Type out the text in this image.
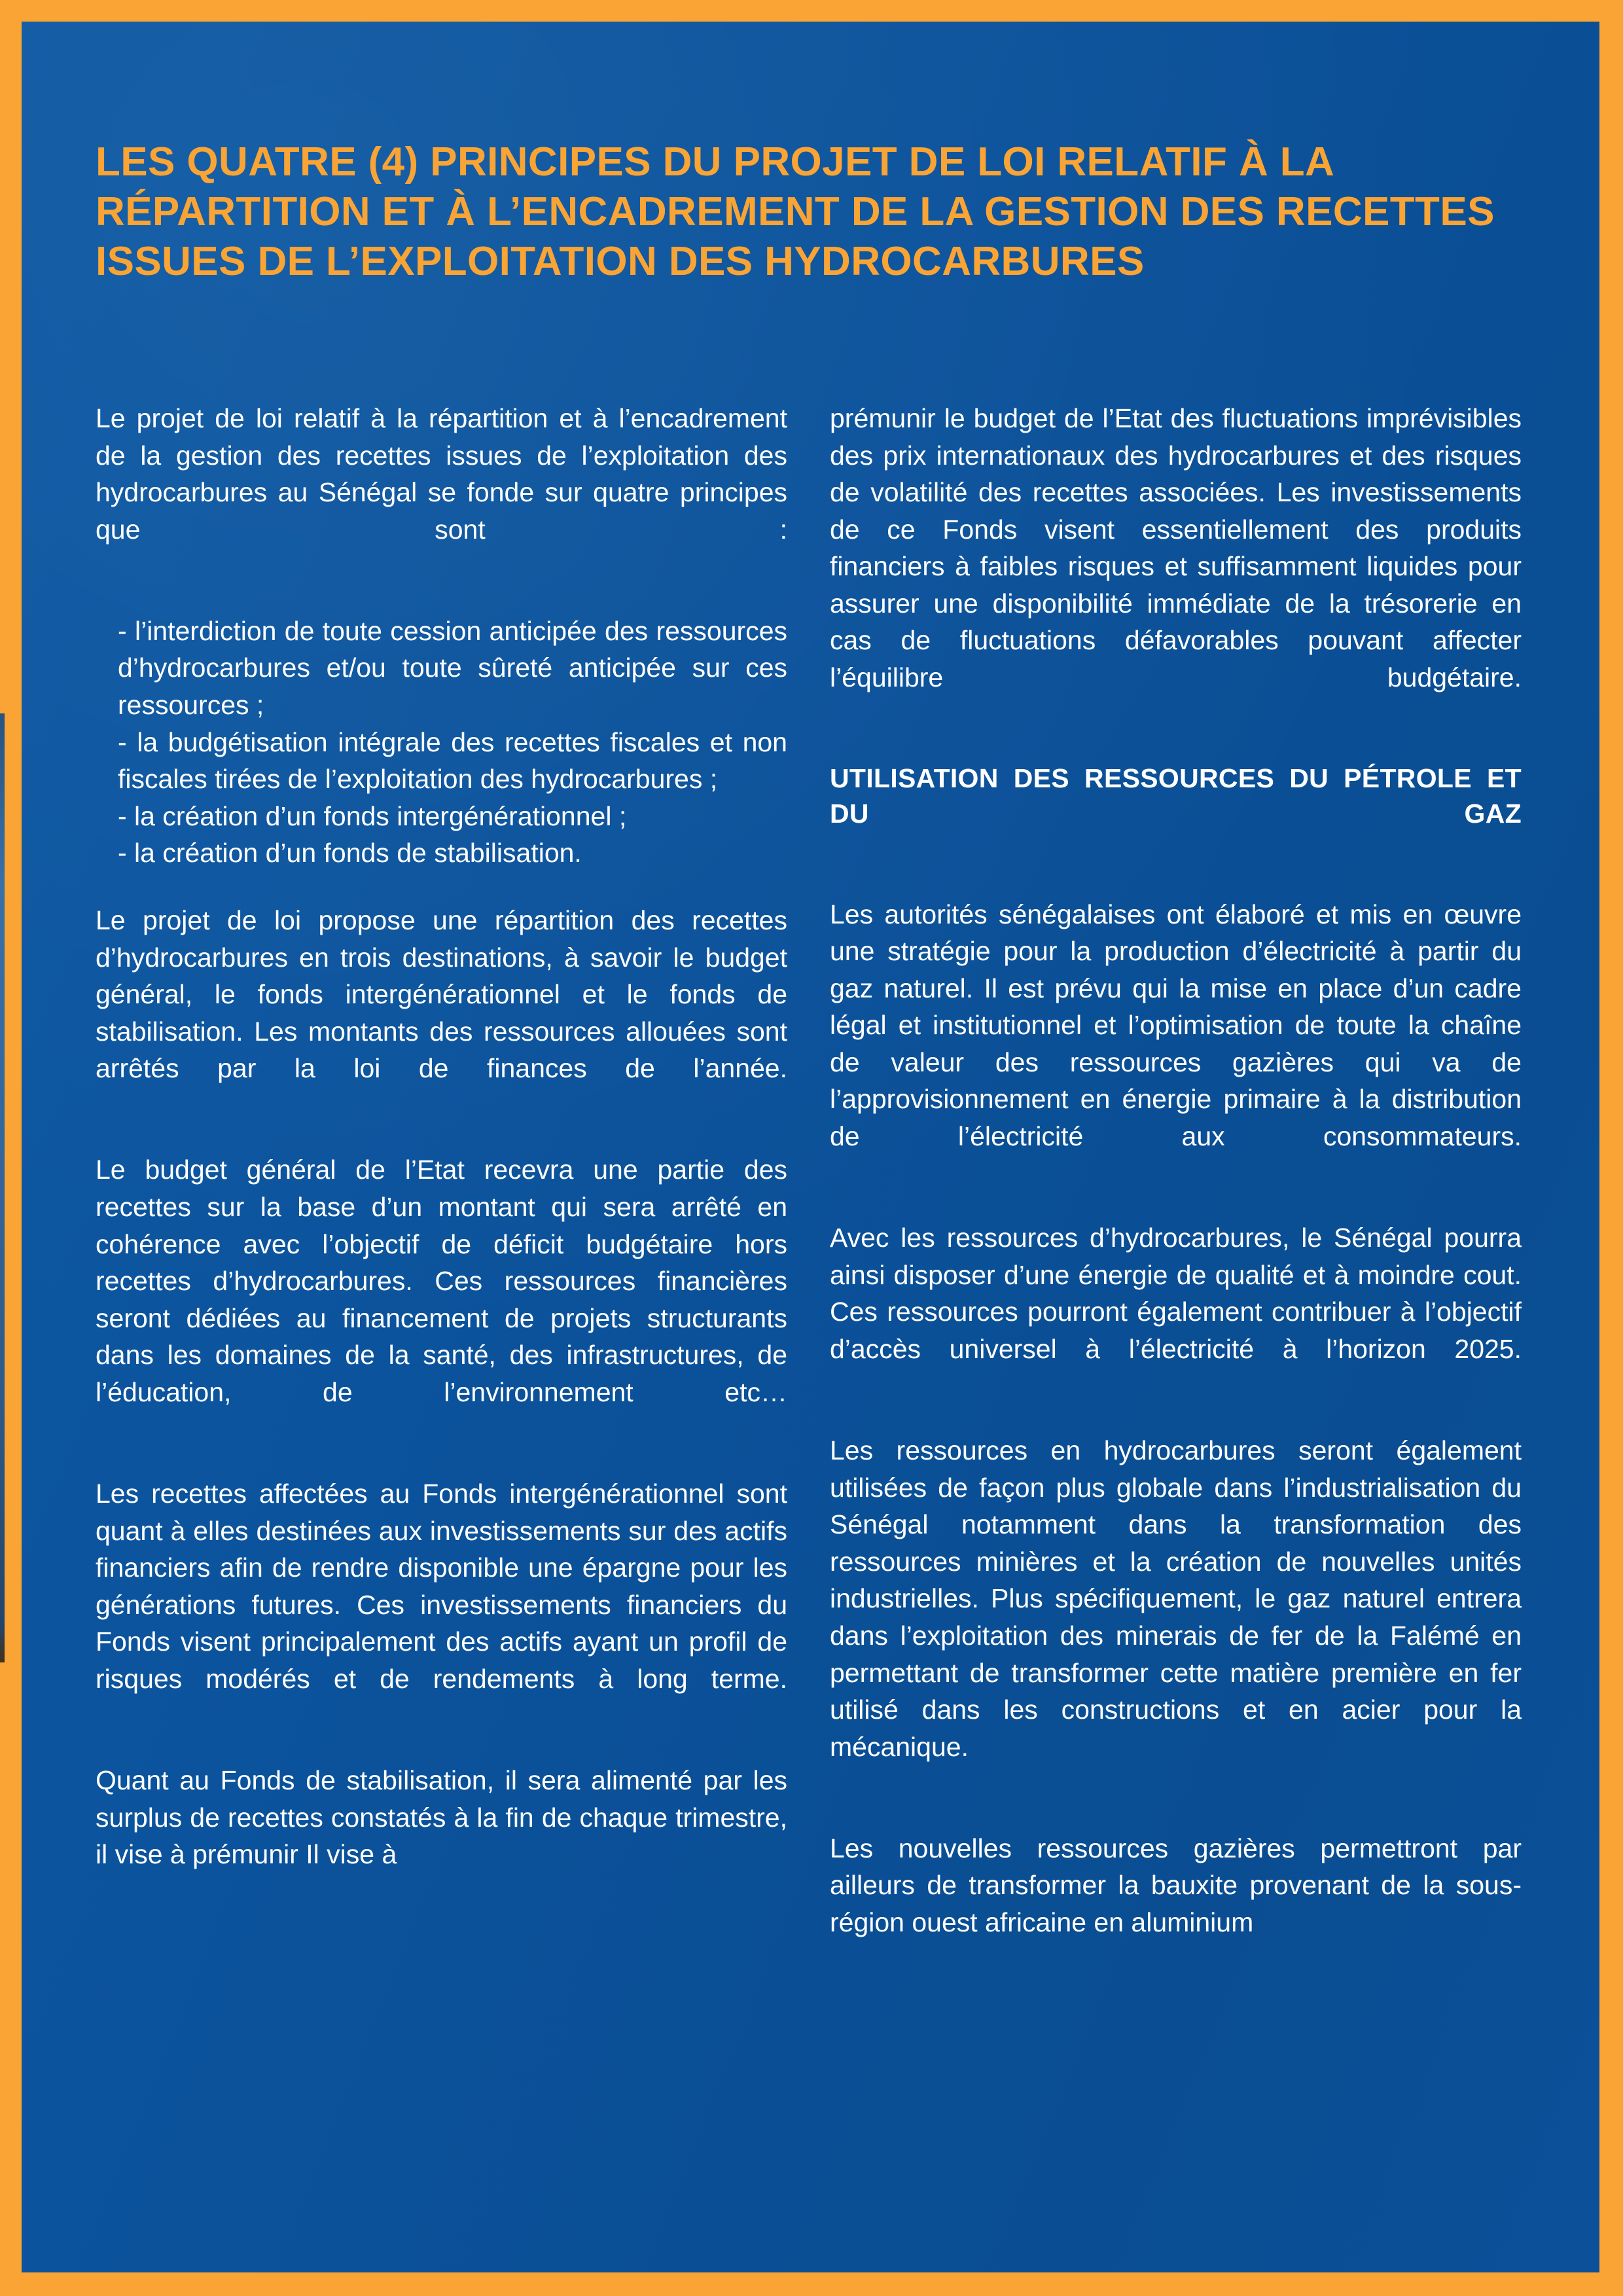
LES QUATRE (4) PRINCIPES DU PROJET DE LOI RELATIF À LA RÉPARTITION ET À L’ENCADREMENT DE LA GESTION DES RECETTES ISSUES DE L’EXPLOITATION DES HYDROCARBURES

Le projet de loi relatif à la répartition et à l’encadrement de la gestion des recettes issues de l’exploitation des hydrocarbures au Sénégal se fonde sur quatre principes que sont :

- l’interdiction de toute cession anticipée des ressources d’hydrocarbures et/ou toute sûreté anticipée sur ces ressources ;
- la budgétisation intégrale des recettes fiscales et non fiscales tirées de l’exploitation des hydrocarbures ;
- la création d’un fonds intergénérationnel ;
- la création d’un fonds de stabilisation.

Le projet de loi propose une répartition des recettes d’hydrocarbures en trois destinations, à savoir le budget général, le fonds intergénérationnel et le fonds de stabilisation. Les montants des ressources allouées sont arrêtés par la loi de finances de l’année.

Le budget général de l’Etat recevra une partie des recettes sur la base d’un montant qui sera arrêté en cohérence avec l’objectif de déficit budgétaire hors recettes d’hydrocarbures. Ces ressources financières seront dédiées au financement de projets structurants dans les domaines de la santé, des infrastructures, de l’éducation, de l’environnement etc…

Les recettes affectées au Fonds intergénérationnel sont quant à elles destinées aux investissements sur des actifs financiers afin de rendre disponible une épargne pour les générations futures. Ces investissements financiers du Fonds visent principalement des actifs ayant un profil de risques modérés et de rendements à long terme.

Quant au Fonds de stabilisation, il sera alimenté par les surplus de recettes constatés à la fin de chaque trimestre, il vise à prémunir Il vise à

prémunir le budget de l’Etat des fluctuations imprévisibles des prix internationaux des hydrocarbures et des risques de volatilité des recettes associées. Les investissements de ce Fonds visent essentiellement des produits financiers à faibles risques et suffisamment liquides pour assurer une disponibilité immédiate de la trésorerie en cas de fluctuations défavorables pouvant affecter l’équilibre budgétaire.

UTILISATION DES RESSOURCES DU PÉTROLE ET DU GAZ

Les autorités sénégalaises ont élaboré et mis en œuvre une stratégie pour la production d’électricité à partir du gaz naturel. Il est prévu qui la mise en place d’un cadre légal et institutionnel et l’optimisation de toute la chaîne de valeur des ressources gazières qui va de l’approvisionnement en énergie primaire à la distribution de l’électricité aux consommateurs.

Avec les ressources d’hydrocarbures, le Sénégal pourra ainsi disposer d’une énergie de qualité et à moindre cout. Ces ressources pourront également contribuer à l’objectif d’accès universel à l’électricité à l’horizon 2025.

Les ressources en hydrocarbures seront également utilisées de façon plus globale dans l’industrialisation du Sénégal notamment dans la transformation des ressources minières et la création de nouvelles unités industrielles. Plus spécifiquement, le gaz naturel entrera dans l’exploitation des minerais de fer de la Falémé en permettant de transformer cette matière première en fer utilisé dans les constructions et en acier pour la mécanique.

Les nouvelles ressources gazières permettront par ailleurs de transformer la bauxite provenant de la sous-région ouest africaine en aluminium
